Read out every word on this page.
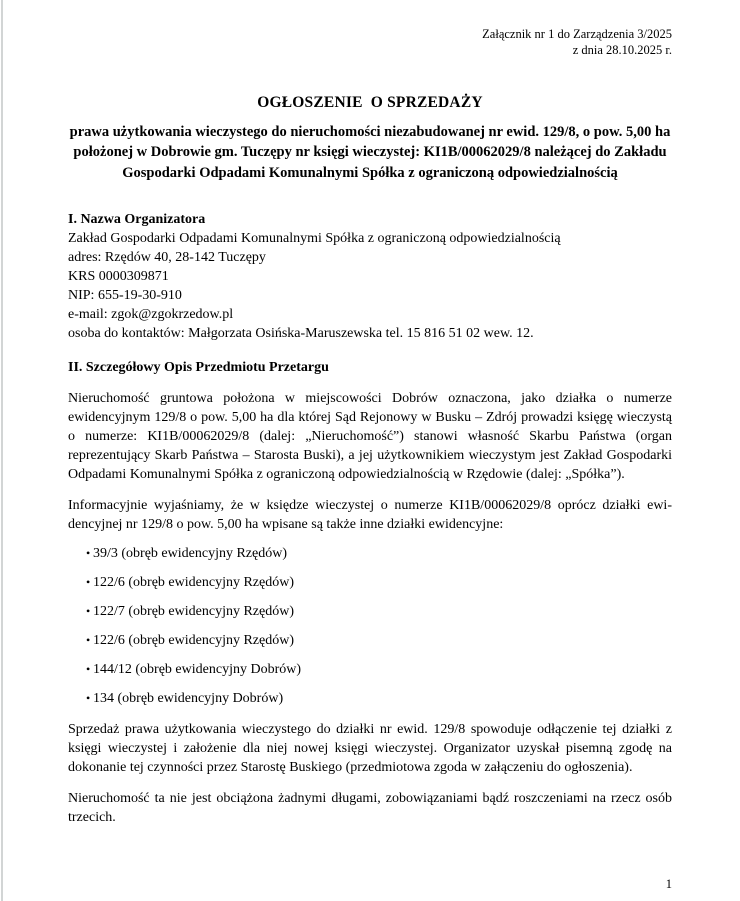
Załącznik nr 1 do Zarządzenia 3/2025
z dnia 28.10.2025 r.
OGŁOSZENIE  O SPRZEDAŻY
prawa użytkowania wieczystego do nieruchomości niezabudowanej nr ewid. 129/8, o pow. 5,00 ha położonej w Dobrowie gm. Tuczępy nr księgi wieczystej: KI1B/00062029/8 należącej do Zakładu Gospodarki Odpadami Komunalnymi Spółka z ograniczoną odpowiedzialnością
I. Nazwa Organizatora

Zakład Gospodarki Odpadami Komunalnymi Spółka z ograniczoną odpowiedzialnością

adres: Rzędów 40, 28-142 Tuczępy

KRS 0000309871

NIP: 655-19-30-910

e-mail: zgok@zgokrzedow.pl

osoba do kontaktów: Małgorzata Osińska-Maruszewska tel. 15 816 51 02 wew. 12.

II. Szczegółowy Opis Przedmiotu Przetargu

Nieruchomość gruntowa położona w miejscowości Dobrów oznaczona, jako działka o numerze ewidencyjnym 129/8 o pow. 5,00 ha dla której Sąd Rejonowy w Busku – Zdrój prowadzi księgę wieczystą o numerze: KI1B/00062029/8 (dalej: „Nieruchomość”) stanowi własność Skarbu Państwa (organ reprezentujący Skarb Państwa – Starosta Buski), a jej użytkownikiem wieczystym jest Zakład Gospodarki Odpadami Komunalnymi Spółka z ograniczoną odpowiedzialnością w Rzędowie (dalej: „Spółka”).

Informacyjnie wyjaśniamy, że w księdze wieczystej o numerze KI1B/00062029/8 oprócz działki ewidencyjnej nr 129/8 o pow. 5,00 ha wpisane są także inne działki ewidencyjne:

• 39/3 (obręb ewidencyjny Rzędów)
• 122/6 (obręb ewidencyjny Rzędów)
• 122/7 (obręb ewidencyjny Rzędów)
• 122/6 (obręb ewidencyjny Rzędów)
• 144/12 (obręb ewidencyjny Dobrów)
• 134 (obręb ewidencyjny Dobrów)

Sprzedaż prawa użytkowania wieczystego do działki nr ewid. 129/8 spowoduje odłączenie tej działki z księgi wieczystej i założenie dla niej nowej księgi wieczystej. Organizator uzyskał pisemną zgodę na dokonanie tej czynności przez Starostę Buskiego (przedmiotowa zgoda w załączeniu do ogłoszenia).

Nieruchomość ta nie jest obciążona żadnymi długami, zobowiązaniami bądź roszczeniami na rzecz osób trzecich.

1
